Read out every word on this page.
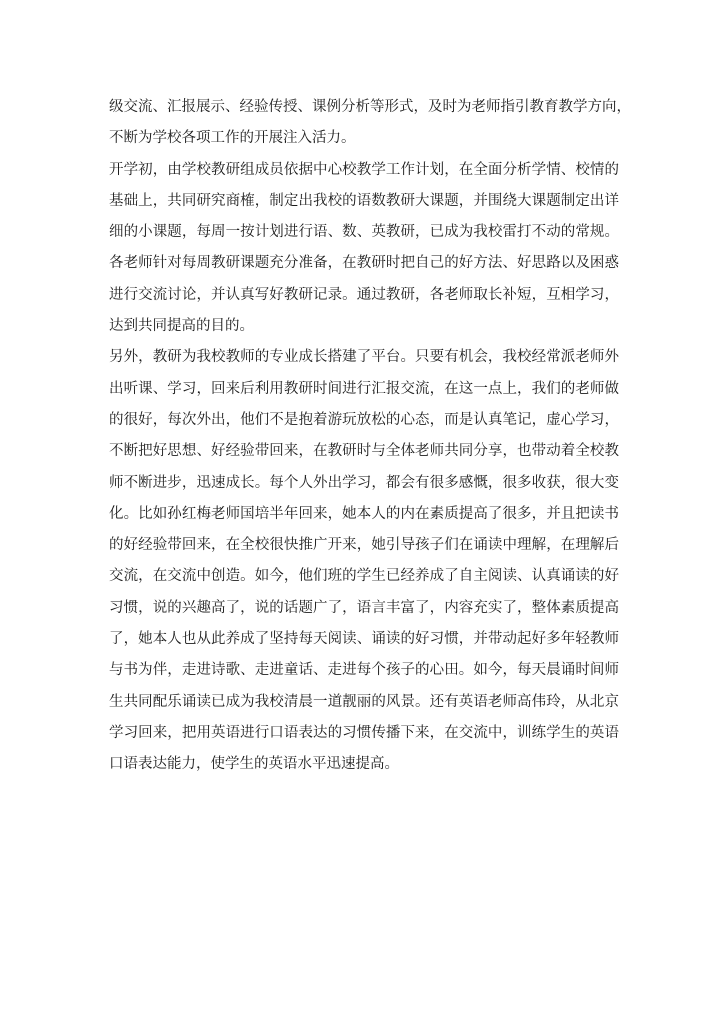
级交流、汇报展示、经验传授、课例分析等形式，及时为老师指引教育教学方向，
不断为学校各项工作的开展注入活力。
开学初，由学校教研组成员依据中心校教学工作计划，在全面分析学情、校情的
基础上，共同研究商榷，制定出我校的语数教研大课题，并围绕大课题制定出详
细的小课题，每周一按计划进行语、数、英教研，已成为我校雷打不动的常规。
各老师针对每周教研课题充分准备，在教研时把自己的好方法、好思路以及困惑
进行交流讨论，并认真写好教研记录。通过教研，各老师取长补短，互相学习，
达到共同提高的目的。
另外，教研为我校教师的专业成长搭建了平台。只要有机会，我校经常派老师外
出听课、学习，回来后利用教研时间进行汇报交流，在这一点上，我们的老师做
的很好，每次外出，他们不是抱着游玩放松的心态，而是认真笔记，虚心学习，
不断把好思想、好经验带回来，在教研时与全体老师共同分享，也带动着全校教
师不断进步，迅速成长。每个人外出学习，都会有很多感慨，很多收获，很大变
化。比如孙红梅老师国培半年回来，她本人的内在素质提高了很多，并且把读书
的好经验带回来，在全校很快推广开来，她引导孩子们在诵读中理解，在理解后
交流，在交流中创造。如今，他们班的学生已经养成了自主阅读、认真诵读的好
习惯，说的兴趣高了，说的话题广了，语言丰富了，内容充实了，整体素质提高
了，她本人也从此养成了坚持每天阅读、诵读的好习惯，并带动起好多年轻教师
与书为伴，走进诗歌、走进童话、走进每个孩子的心田。如今，每天晨诵时间师
生共同配乐诵读已成为我校清晨一道靓丽的风景。还有英语老师高伟玲，从北京
学习回来，把用英语进行口语表达的习惯传播下来，在交流中，训练学生的英语
口语表达能力，使学生的英语水平迅速提高。
